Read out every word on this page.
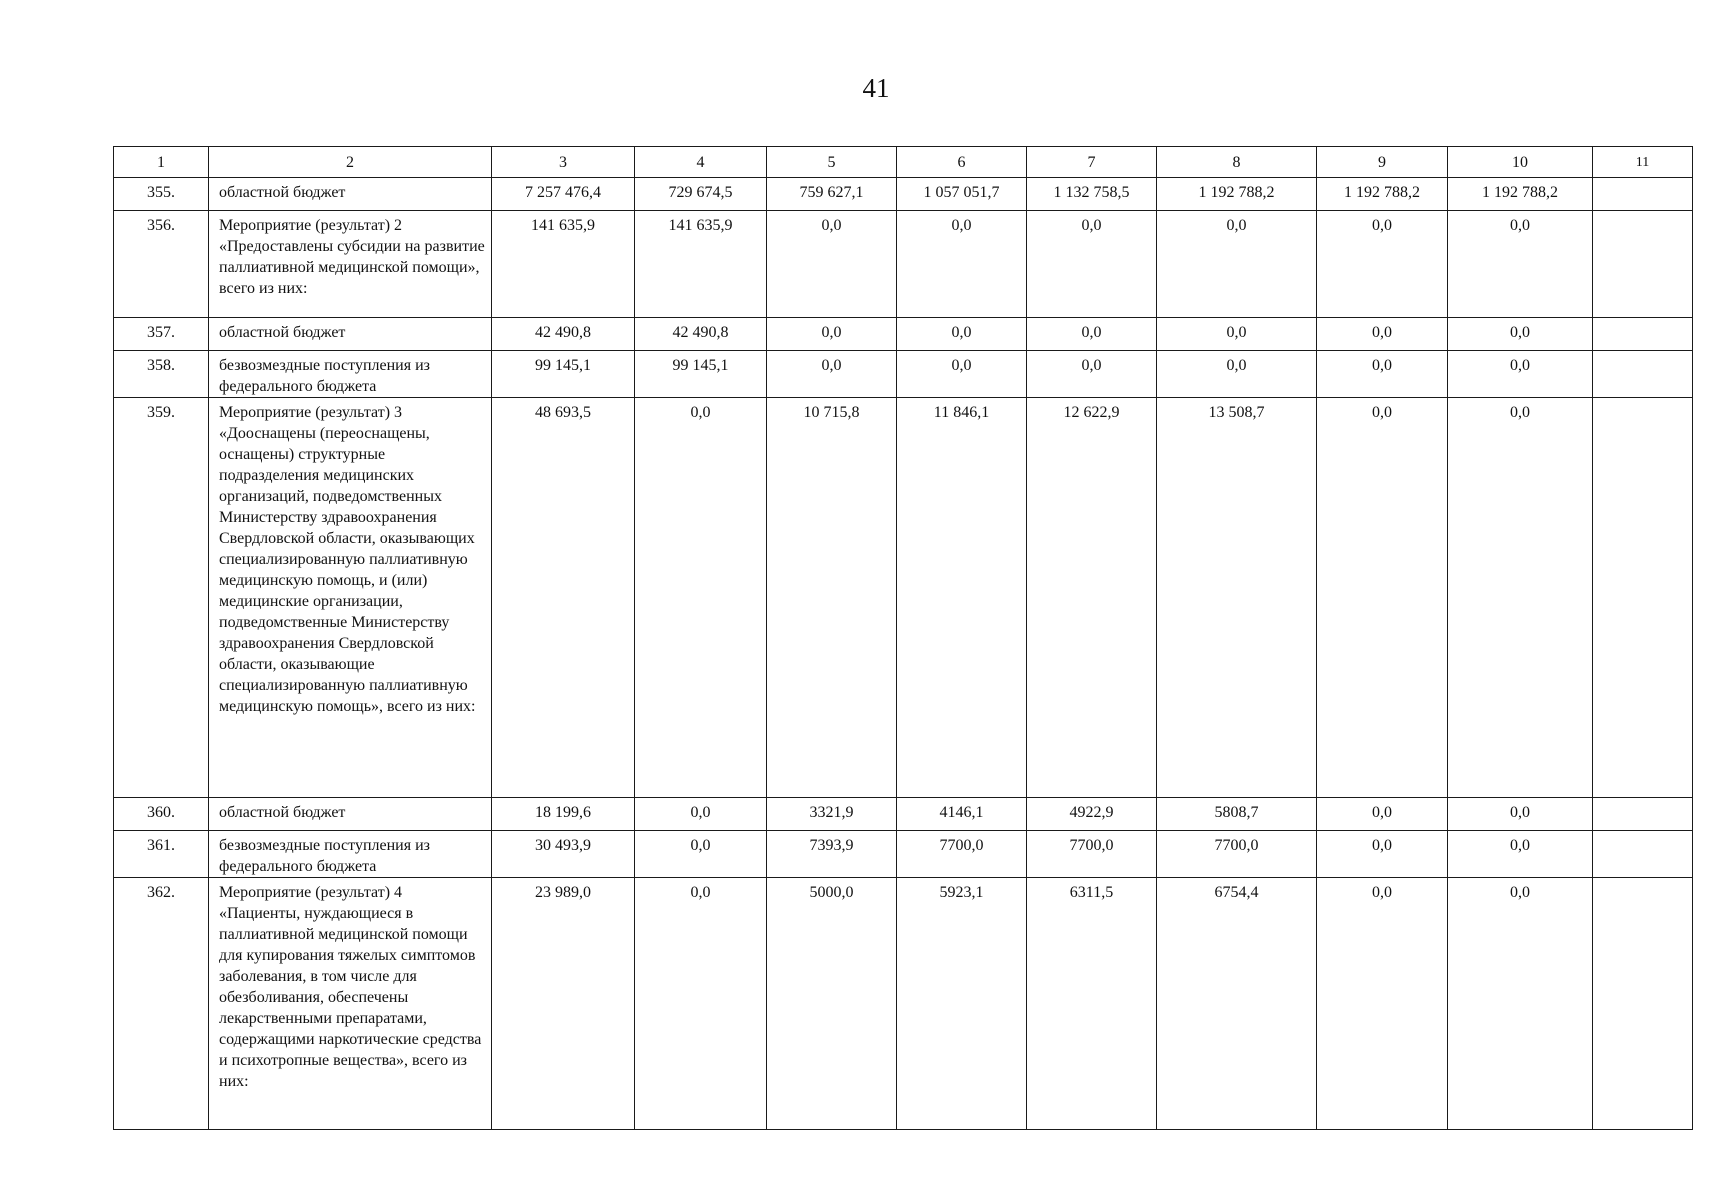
41
1	2	3	4	5	6	7	8	9	10	11
355.	областной бюджет	7 257 476,4	729 674,5	759 627,1	1 057 051,7	1 132 758,5	1 192 788,2	1 192 788,2	1 192 788,2	
356.	Мероприятие (результат) 2 «Предоставлены субсидии на развитие паллиативной медицинской помощи», всего из них:	141 635,9	141 635,9	0,0	0,0	0,0	0,0	0,0	0,0	
357.	областной бюджет	42 490,8	42 490,8	0,0	0,0	0,0	0,0	0,0	0,0	
358.	безвозмездные поступления из федерального бюджета	99 145,1	99 145,1	0,0	0,0	0,0	0,0	0,0	0,0	
359.	Мероприятие (результат) 3 «Дооснащены (переоснащены, оснащены) структурные подразделения медицинских организаций, подведомственных Министерству здравоохранения Свердловской области, оказывающих специализированную паллиативную медицинскую помощь, и (или) медицинские организации, подведомственные Министерству здравоохранения Свердловской области, оказывающие специализированную паллиативную медицинскую помощь», всего из них:	48 693,5	0,0	10 715,8	11 846,1	12 622,9	13 508,7	0,0	0,0	
360.	областной бюджет	18 199,6	0,0	3321,9	4146,1	4922,9	5808,7	0,0	0,0	
361.	безвозмездные поступления из федерального бюджета	30 493,9	0,0	7393,9	7700,0	7700,0	7700,0	0,0	0,0	
362.	Мероприятие (результат) 4 «Пациенты, нуждающиеся в паллиативной медицинской помощи для купирования тяжелых симптомов заболевания, в том числе для обезболивания, обеспечены лекарственными препаратами, содержащими наркотические средства и психотропные вещества», всего из них:	23 989,0	0,0	5000,0	5923,1	6311,5	6754,4	0,0	0,0	
